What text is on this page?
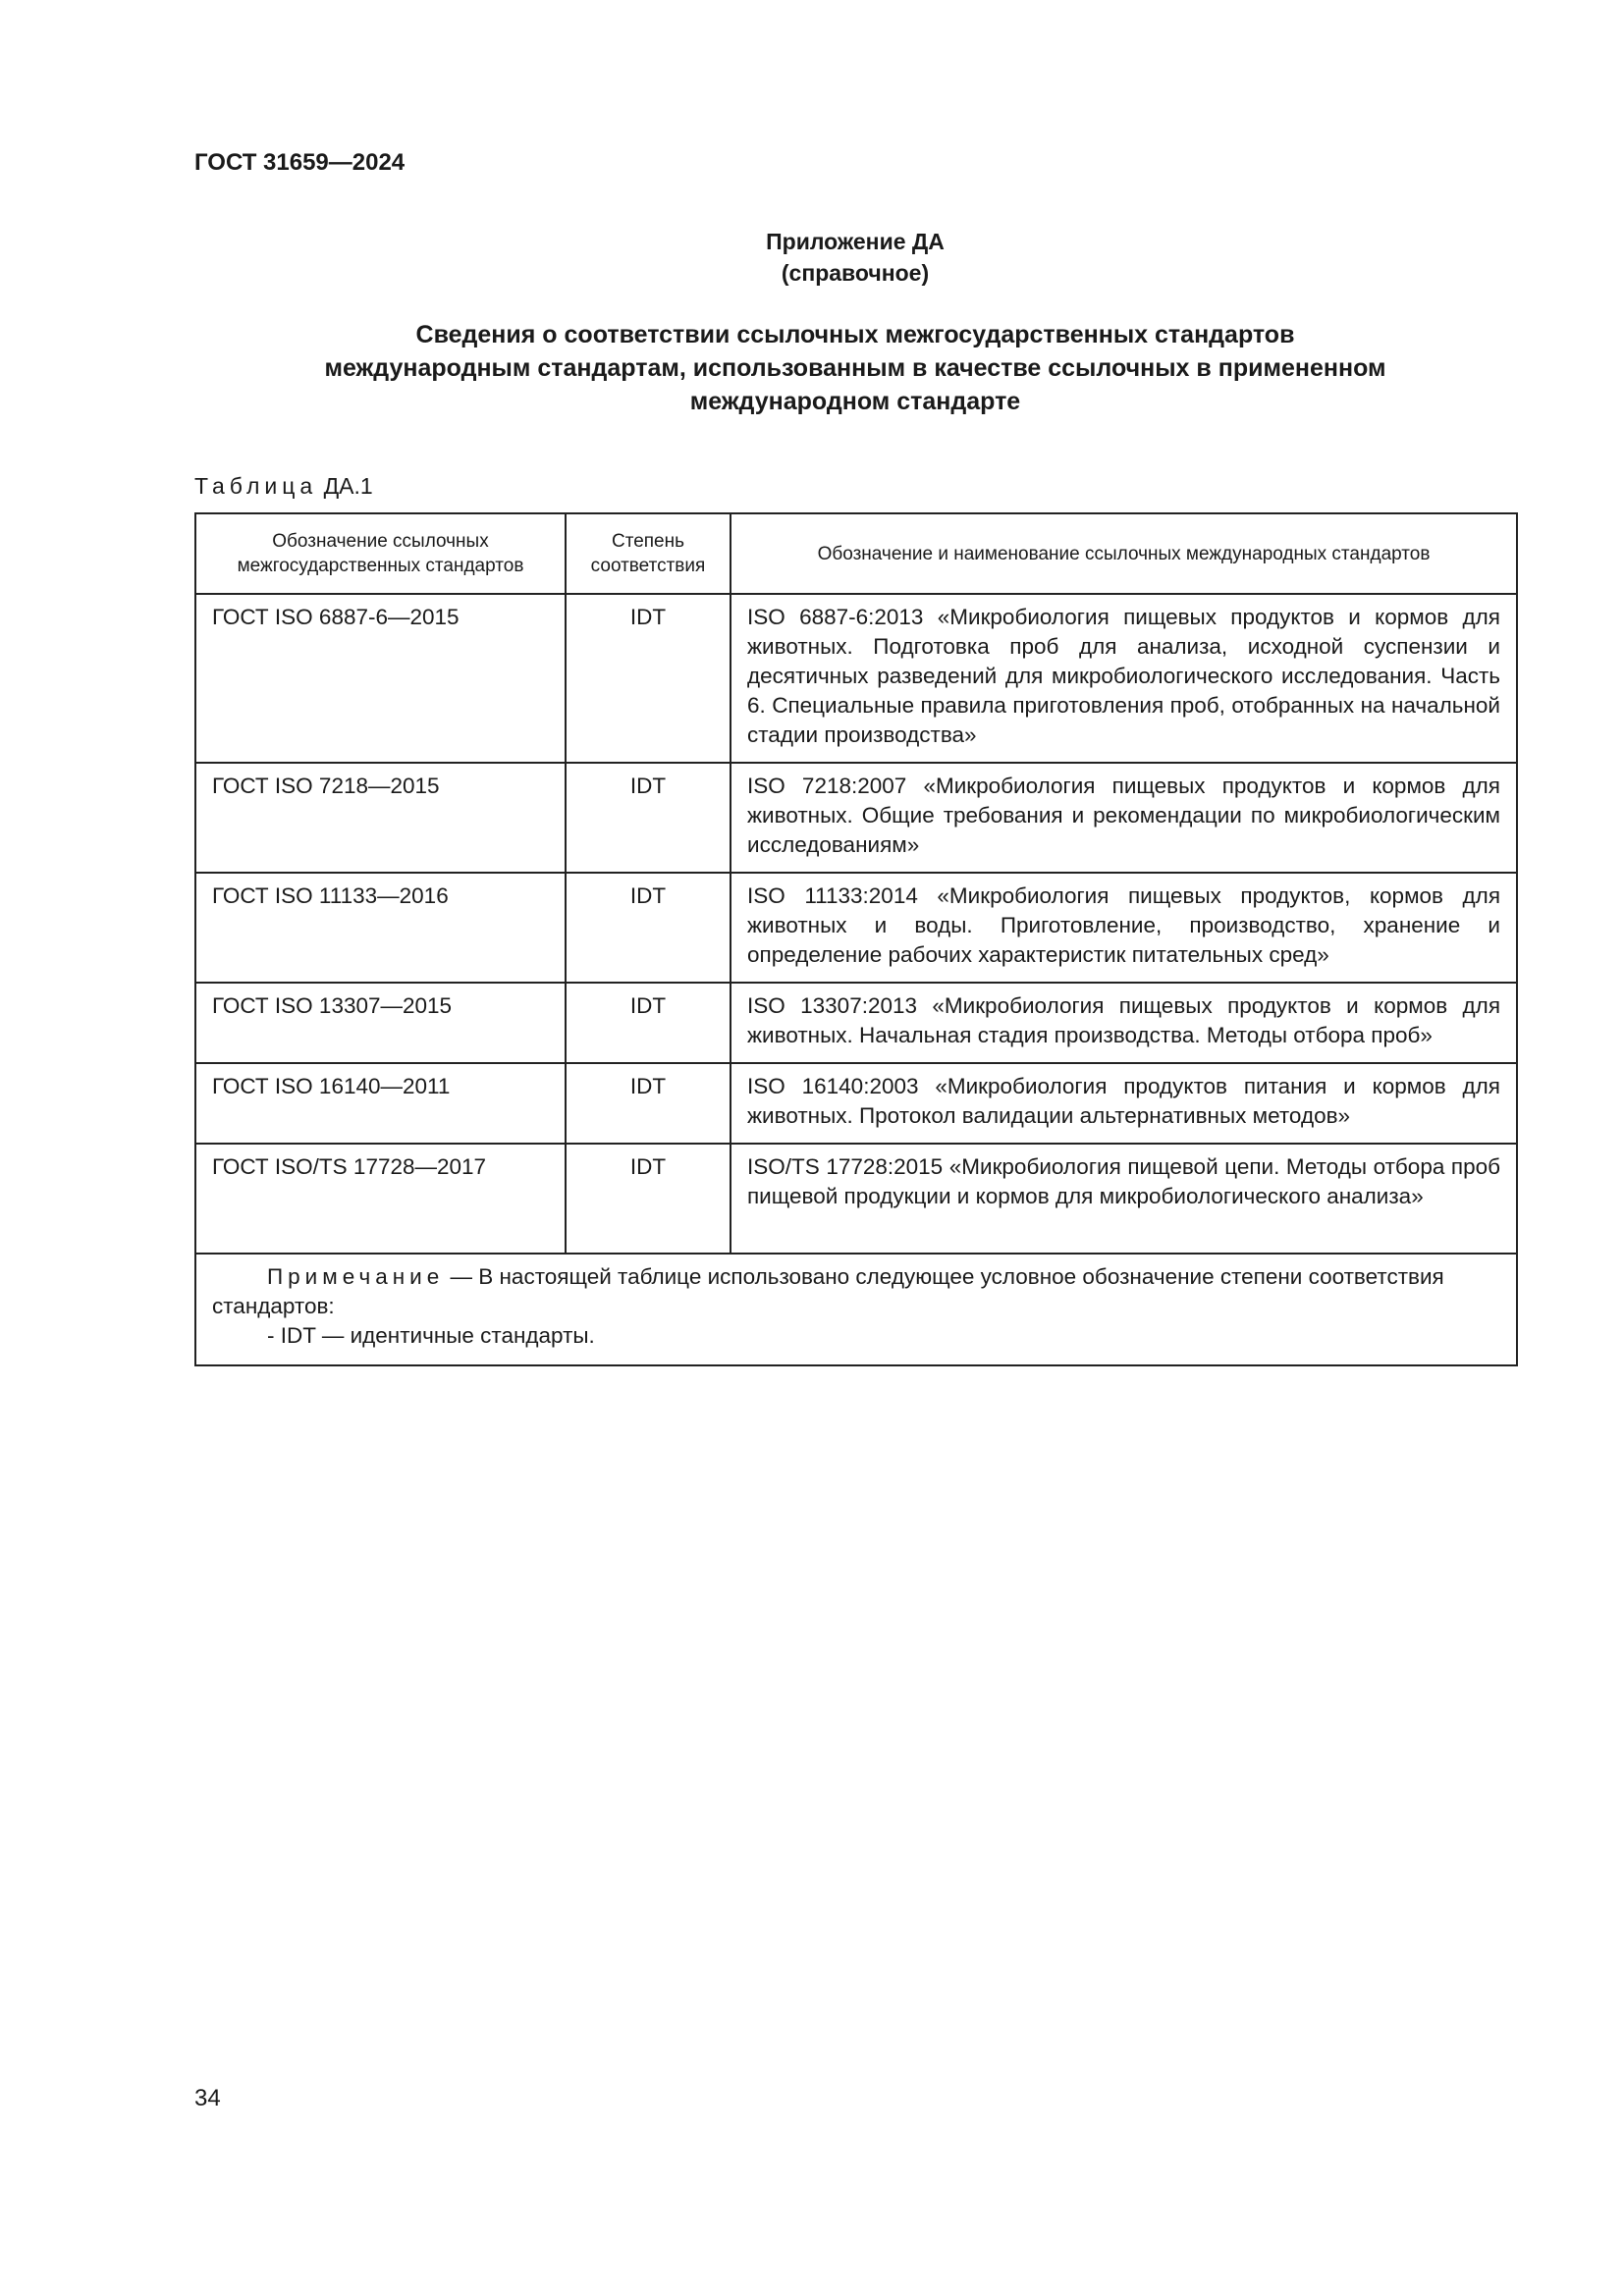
ГОСТ 31659—2024
Приложение ДА
(справочное)
Сведения о соответствии ссылочных межгосударственных стандартов
международным стандартам, использованным в качестве ссылочных в примененном
международном стандарте
Таблица ДА.1
Обозначение ссылочных межгосударственных стандартов	Степень соответствия	Обозначение и наименование ссылочных международных стандартов
ГОСТ ISO 6887-6—2015	IDT	ISO 6887-6:2013 «Микробиология пищевых продуктов и кормов для животных. Подготовка проб для анализа, исходной суспензии и десятичных разведений для микробиологического исследования. Часть 6. Специальные правила приготовления проб, отобранных на начальной стадии производства»
ГОСТ ISO 7218—2015	IDT	ISO 7218:2007 «Микробиология пищевых продуктов и кормов для животных. Общие требования и рекомендации по микробиологическим исследованиям»
ГОСТ ISO 11133—2016	IDT	ISO 11133:2014 «Микробиология пищевых продуктов, кормов для животных и воды. Приготовление, производство, хранение и определение рабочих характеристик питательных сред»
ГОСТ ISO 13307—2015	IDT	ISO 13307:2013 «Микробиология пищевых продуктов и кормов для животных. Начальная стадия производства. Методы отбора проб»
ГОСТ ISO 16140—2011	IDT	ISO 16140:2003 «Микробиология продуктов питания и кормов для животных. Протокол валидации альтернативных методов»
ГОСТ ISO/TS 17728—2017	IDT	ISO/TS 17728:2015 «Микробиология пищевой цепи. Методы отбора проб пищевой продукции и кормов для микробиологического анализа»

Примечание — В настоящей таблице использовано следующее условное обозначение степени соответствия стандартов:
- IDT — идентичные стандарты.		
34
